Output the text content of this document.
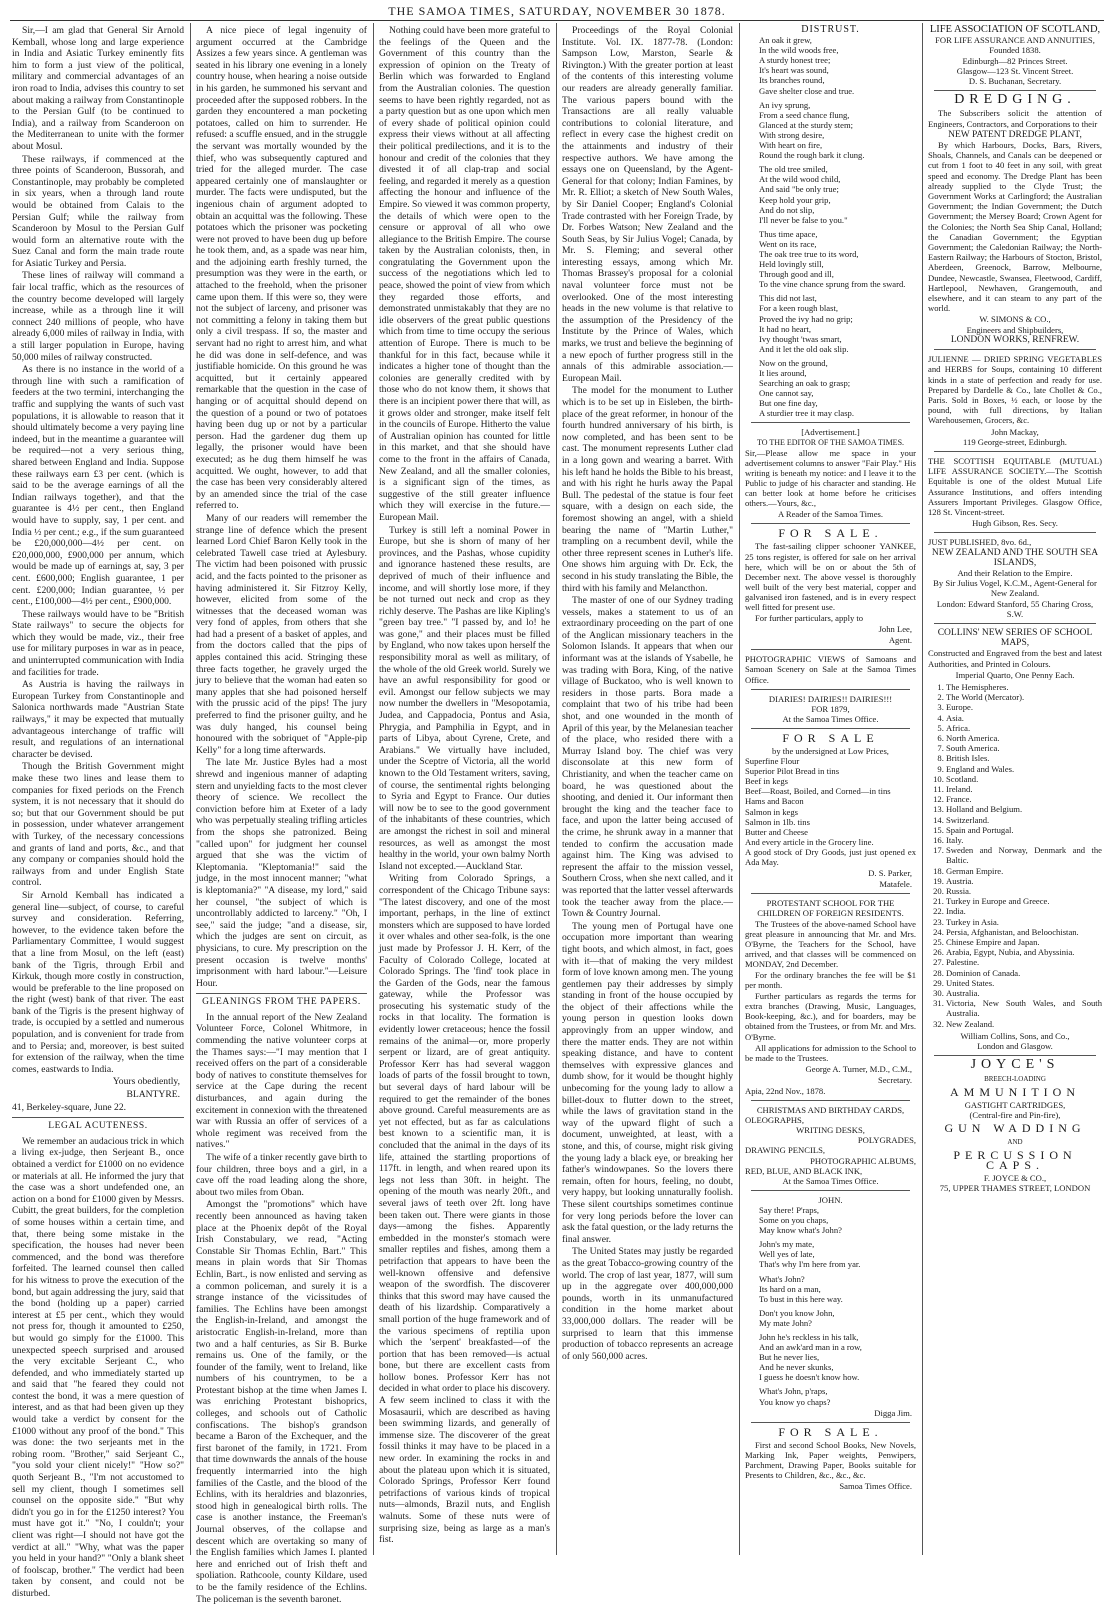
THE SAMOA TIMES, SATURDAY, NOVEMBER 30 1878.

Sir,—I am glad that General Sir Arnold Kemball, whose long and large experience in India and Asiatic Turkey eminently fits him to form a just view of the political, military and commercial advantages of an iron road to India, advises this country to set about making a railway from Constantinople to the Persian Gulf (to be continued to India), and a railway from Scanderoon on the Mediterranean to unite with the former about Mosul.

These railways, if commenced at the three points of Scanderoon, Bussorah, and Constantinople, may probably be completed in six years, when a through land route would be obtained from Calais to the Persian Gulf; while the railway from Scanderoon by Mosul to the Persian Gulf would form an alternative route with the Suez Canal and form the main trade route for Asiatic Turkey and Persia.

These lines of railway will command a fair local traffic, which as the resources of the country become developed will largely increase, while as a through line it will connect 240 millions of people, who have already 6,000 miles of railway in India, with a still larger population in Europe, having 50,000 miles of railway constructed.

As there is no instance in the world of a through line with such a ramification of feeders at the two termini, interchanging the traffic and supplying the wants of such vast populations, it is allowable to reason that it should ultimately become a very paying line indeed, but in the meantime a guarantee will be required—not a very serious thing, shared between England and India. Suppose these railways earn £3 per cent. (which is said to be the average earnings of all the Indian railways together), and that the guarantee is 4½ per cent., then England would have to supply, say, 1 per cent. and India ½ per cent.; e.g., if the sum guaranteed be £20,000,000—4½ per cent. on £20,000,000, £900,000 per annum, which would be made up of earnings at, say, 3 per cent. £600,000; English guarantee, 1 per cent. £200,000; Indian guarantee, ½ per cent., £100,000—4½ per cent., £900,000.

These railways would have to be "British State railways" to secure the objects for which they would be made, viz., their free use for military purposes in war as in peace, and uninterrupted communication with India and facilities for trade.

As Austria is having the railways in European Turkey from Constantinople and Salonica northwards made "Austrian State railways," it may be expected that mutually advantageous interchange of traffic will result, and regulations of an international character be devised.

Though the British Government might make these two lines and lease them to companies for fixed periods on the French system, it is not necessary that it should do so; but that our Government should be put in possession, under whatever arrangement with Turkey, of the necessary concessions and grants of land and ports, &c., and that any company or companies should hold the railways from and under English State control.

Sir Arnold Kemball has indicated a general line—subject, of course, to careful survey and consideration. Referring, however, to the evidence taken before the Parliamentary Committee, I would suggest that a line from Mosul, on the left (east) bank of the Tigris, through Erbil and Kirkuk, though more costly in construction, would be preferable to the line proposed on the right (west) bank of that river. The east bank of the Tigris is the present highway of trade, is occupied by a settled and numerous population, and is convenient for trade from and to Persia; and, moreover, is best suited for extension of the railway, when the time comes, eastwards to India.

Yours obediently,
BLANTYRE.
41, Berkeley-square, June 22.
LEGAL ACUTENESS.

We remember an audacious trick in which a living ex-judge, then Serjeant B., once obtained a verdict for £1000 on no evidence or materials at all. He informed the jury that the case was a short undefended one, an action on a bond for £1000 given by Messrs. Cubitt, the great builders, for the completion of some houses within a certain time, and that, there being some mistake in the specification, the houses had never been commenced, and the bond was therefore forfeited. The learned counsel then called for his witness to prove the execution of the bond, but again addressing the jury, said that the bond (holding up a paper) carried interest at £5 per cent., which they would not press for, though it amounted to £250, but would go simply for the £1000. This unexpected speech surprised and aroused the very excitable Serjeant C., who defended, and who immediately started up and said that "he feared they could not contest the bond, it was a mere question of interest, and as that had been given up they would take a verdict by consent for the £1000 without any proof of the bond." This was done: the two serjeants met in the robing room. "Brother," said Serjeant C., "you sold your client nicely!" "How so?" quoth Serjeant B., "I'm not accustomed to sell my client, though I sometimes sell counsel on the opposite side." "But why didn't you go in for the £1250 interest? You must have got it." "No, I couldn't; your client was right—I should not have got the verdict at all." "Why, what was the paper you held in your hand?" "Only a blank sheet of foolscap, brother." The verdict had been taken by consent, and could not be disturbed.

A nice piece of legal ingenuity of argument occurred at the Cambridge Assizes a few years since. A gentleman was seated in his library one evening in a lonely country house, when hearing a noise outside in his garden, he summoned his servant and proceeded after the supposed robbers. In the garden they encountered a man pocketing potatoes, called on him to surrender. He refused: a scuffle ensued, and in the struggle the servant was mortally wounded by the thief, who was subsequently captured and tried for the alleged murder. The case appeared certainly one of manslaughter or murder. The facts were undisputed, but the ingenious chain of argument adopted to obtain an acquittal was the following. These potatoes which the prisoner was pocketing were not proved to have been dug up before he took them, and, as a spade was near him, and the adjoining earth freshly turned, the presumption was they were in the earth, or attached to the freehold, when the prisoner came upon them. If this were so, they were not the subject of larceny, and prisoner was not committing a felony in taking them but only a civil trespass. If so, the master and servant had no right to arrest him, and what he did was done in self-defence, and was justifiable homicide. On this ground he was acquitted, but it certainly appeared remarkable that the question in the case of hanging or of acquittal should depend on the question of a pound or two of potatoes having been dug up or not by a particular person. Had the gardener dug them up legally, the prisoner would have been executed; as he dug them himself he was acquitted. We ought, however, to add that the case has been very considerably altered by an amended since the trial of the case referred to.

Many of our readers will remember the strange line of defence which the present learned Lord Chief Baron Kelly took in the celebrated Tawell case tried at Aylesbury. The victim had been poisoned with prussic acid, and the facts pointed to the prisoner as having administered it. Sir Fitzroy Kelly, however, elicited from some of the witnesses that the deceased woman was very fond of apples, from others that she had had a present of a basket of apples, and from the doctors called that the pips of apples contained this acid. Stringing these three facts together, he gravely urged the jury to believe that the woman had eaten so many apples that she had poisoned herself with the prussic acid of the pips! The jury preferred to find the prisoner guilty, and he was duly hanged, his counsel being honoured with the sobriquet of "Apple-pip Kelly" for a long time afterwards.

The late Mr. Justice Byles had a most shrewd and ingenious manner of adapting stern and unyielding facts to the most clever theory of science. We recollect the conviction before him at Exeter of a lady who was perpetually stealing trifling articles from the shops she patronized. Being "called upon" for judgment her counsel argued that she was the victim of Kleptomania. "Kleptomania!" said the judge, in the most innocent manner; "what is kleptomania?" "A disease, my lord," said her counsel, "the subject of which is uncontrollably addicted to larceny." "Oh, I see," said the judge; "and a disease, sir, which the judges are sent on circuit, as physicians, to cure. My prescription on the present occasion is twelve months' imprisonment with hard labour."—Leisure Hour.

GLEANINGS FROM THE PAPERS.

In the annual report of the New Zealand Volunteer Force, Colonel Whitmore, in commending the native volunteer corps at the Thames says:—"I may mention that I received offers on the part of a considerable body of natives to constitute themselves for service at the Cape during the recent disturbances, and again during the excitement in connexion with the threatened war with Russia an offer of services of a whole regiment was received from the natives."

The wife of a tinker recently gave birth to four children, three boys and a girl, in a cave off the road leading along the shore, about two miles from Oban.

Amongst the "promotions" which have recently been announced as having taken place at the Phoenix depôt of the Royal Irish Constabulary, we read, "Acting Constable Sir Thomas Echlin, Bart." This means in plain words that Sir Thomas Echlin, Bart., is now enlisted and serving as a common policeman, and surely it is a strange instance of the vicissitudes of families. The Echlins have been amongst the English-in-Ireland, and amongst the aristocratic English-in-Ireland, more than two and a half centuries, as Sir B. Burke remains us. One of the family, or the founder of the family, went to Ireland, like numbers of his countrymen, to be a Protestant bishop at the time when James I. was enriching Protestant bishoprics, colleges, and schools out of Catholic confiscations. The bishop's grandson became a Baron of the Exchequer, and the first baronet of the family, in 1721. From that time downwards the annals of the house frequently intermarried into the high families of the Castle, and the blood of the Echlins, with its heraldries and blazonries, stood high in genealogical birth rolls. The case is another instance, the Freeman's Journal observes, of the collapse and descent which are overtaking so many of the English families which James I. planted here and enriched out of Irish theft and spoliation. Rathcoole, county Kildare, used to be the family residence of the Echlins. The policeman is the seventh baronet.

Nothing could have been more grateful to the feelings of the Queen and the Government of this country than the expression of opinion on the Treaty of Berlin which was forwarded to England from the Australian colonies. The question seems to have been rightly regarded, not as a party question but as one upon which men of every shade of political opinion could express their views without at all affecting their political predilections, and it is to the honour and credit of the colonies that they divested it of all clap-trap and social feeling, and regarded it merely as a question affecting the honour and influence of the Empire. So viewed it was common property, the details of which were open to the censure or approval of all who owe allegiance to the British Empire. The course taken by the Australian colonists, then, in congratulating the Government upon the success of the negotiations which led to peace, showed the point of view from which they regarded those efforts, and demonstrated unmistakably that they are no idle observers of the great public questions which from time to time occupy the serious attention of Europe. There is much to be thankful for in this fact, because while it indicates a higher tone of thought than the colonies are generally credited with by those who do not know them, it shows that there is an incipient power there that will, as it grows older and stronger, make itself felt in the councils of Europe. Hitherto the value of Australian opinion has counted for little in this market, and that she should have come to the front in the affairs of Canada, New Zealand, and all the smaller colonies, is a significant sign of the times, as suggestive of the still greater influence which they will exercise in the future.—European Mail.

Turkey is still left a nominal Power in Europe, but she is shorn of many of her provinces, and the Pashas, whose cupidity and ignorance hastened these results, are deprived of much of their influence and income, and will shortly lose more, if they be not turned out neck and crop as they richly deserve. The Pashas are like Kipling's "green bay tree." "I passed by, and lo! he was gone," and their places must be filled by England, who now takes upon herself the responsibility moral as well as military, of the whole of the old Greek world. Surely we have an awful responsibility for good or evil. Amongst our fellow subjects we may now number the dwellers in "Mesopotamia, Judea, and Cappadocia, Pontus and Asia, Phrygia, and Pamphilia in Egypt, and in parts of Libya, about Cyrene, Crete, and Arabians." We virtually have included, under the Sceptre of Victoria, all the world known to the Old Testament writers, saving, of course, the sentimental rights belonging to Syria and Egypt to France. Our duties will now be to see to the good government of the inhabitants of these countries, which are amongst the richest in soil and mineral resources, as well as amongst the most healthy in the world, your own balmy North Island not excepted.—Auckland Star.

Writing from Colorado Springs, a correspondent of the Chicago Tribune says: "The latest discovery, and one of the most important, perhaps, in the line of extinct monsters which are supposed to have lorded it over whales and other sea-folk, is the one just made by Professor J. H. Kerr, of the Faculty of Colorado College, located at Colorado Springs. The 'find' took place in the Garden of the Gods, near the famous gateway, while the Professor was prosecuting his systematic study of the rocks in that locality. The formation is evidently lower cretaceous; hence the fossil remains of the animal—or, more properly serpent or lizard, are of great antiquity. Professor Kerr has had several waggon loads of parts of the fossil brought to town, but several days of hard labour will be required to get the remainder of the bones above ground. Careful measurements are as yet not effected, but as far as calculations best known to a scientific man, it is concluded that the animal in the days of its life, attained the startling proportions of 117ft. in length, and when reared upon its legs not less than 30ft. in height. The opening of the mouth was nearly 20ft., and several jaws of teeth over 2ft. long have been taken out. There were giants in those days—among the fishes. Apparently embedded in the monster's stomach were smaller reptiles and fishes, among them a petrifaction that appears to have been the well-known offensive and defensive weapon of the swordfish. The discoverer thinks that this sword may have caused the death of his lizardship. Comparatively a small portion of the huge framework and of the various specimens of reptilia upon which the 'serpent' breakfasted—of the portion that has been removed—is actual bone, but there are excellent casts from hollow bones. Professor Kerr has not decided in what order to place his discovery. A few seem inclined to class it with the Mosasaurii, which are described as having been swimming lizards, and generally of immense size. The discoverer of the great fossil thinks it may have to be placed in a new order. In examining the rocks in and about the plateau upon which it is situated, Colorado Springs, Professor Kerr found petrifactions of various kinds of tropical nuts—almonds, Brazil nuts, and English walnuts. Some of these nuts were of surprising size, being as large as a man's fist.

Proceedings of the Royal Colonial Institute. Vol. IX. 1877-78. (London: Sampson Low, Marston, Searle & Rivington.) With the greater portion at least of the contents of this interesting volume our readers are already generally familiar. The various papers bound with the Transactions are all really valuable contributions to colonial literature, and reflect in every case the highest credit on the attainments and industry of their respective authors. We have among the essays one on Queensland, by the Agent-General for that colony; Indian Famines, by Mr. R. Elliot; a sketch of New South Wales, by Sir Daniel Cooper; England's Colonial Trade contrasted with her Foreign Trade, by Dr. Forbes Watson; New Zealand and the South Seas, by Sir Julius Vogel; Canada, by Mr. S. Fleming; and several other interesting essays, among which Mr. Thomas Brassey's proposal for a colonial naval volunteer force must not be overlooked. One of the most interesting heads in the new volume is that relative to the assumption of the Presidency of the Institute by the Prince of Wales, which marks, we trust and believe the beginning of a new epoch of further progress still in the annals of this admirable association.—European Mail.

The model for the monument to Luther which is to be set up in Eisleben, the birth-place of the great reformer, in honour of the fourth hundred anniversary of his birth, is now completed, and has been sent to be cast. The monument represents Luther clad in a long gown and wearing a barret. With his left hand he holds the Bible to his breast, and with his right he hurls away the Papal Bull. The pedestal of the statue is four feet square, with a design on each side, the foremost showing an angel, with a shield bearing the name of "Martin Luther," trampling on a recumbent devil, while the other three represent scenes in Luther's life. One shows him arguing with Dr. Eck, the second in his study translating the Bible, the third with his family and Melancthon.

The master of one of our Sydney trading vessels, makes a statement to us of an extraordinary proceeding on the part of one of the Anglican missionary teachers in the Solomon Islands. It appears that when our informant was at the islands of Ysabelle, he was trading with Bora, King, of the native village of Buckatoo, who is well known to residers in those parts. Bora made a complaint that two of his tribe had been shot, and one wounded in the month of April of this year, by the Melanesian teacher of the place, who resided there with a Murray Island boy. The chief was very disconsolate at this new form of Christianity, and when the teacher came on board, he was questioned about the shooting, and denied it. Our informant then brought the king and the teacher face to face, and upon the latter being accused of the crime, he shrunk away in a manner that tended to confirm the accusation made against him. The King was advised to represent the affair to the mission vessel, Southern Cross, when she next called, and it was reported that the latter vessel afterwards took the teacher away from the place.—Town & Country Journal.

The young men of Portugal have one occupation more important than wearing tight boots, and which almost, in fact, goes with it—that of making the very mildest form of love known among men. The young gentlemen pay their addresses by simply standing in front of the house occupied by the object of their affections while the young person in question looks down approvingly from an upper window, and there the matter ends. They are not within speaking distance, and have to content themselves with expressive glances and dumb show, for it would be thought highly unbecoming for the young lady to allow a billet-doux to flutter down to the street, while the laws of gravitation stand in the way of the upward flight of such a document, unweighted, at least, with a stone, and this, of course, might risk giving the young lady a black eye, or breaking her father's windowpanes. So the lovers there remain, often for hours, feeling, no doubt, very happy, but looking unnaturally foolish. These silent courtships sometimes continue for very long periods before the lover can ask the fatal question, or the lady returns the final answer.

The United States may justly be regarded as the great Tobacco-growing country of the world. The crop of last year, 1877, will sum up in the aggregate over 400,000,000 pounds, worth in its unmanufactured condition in the home market about 33,000,000 dollars. The reader will be surprised to learn that this immense production of tobacco represents an acreage of only 560,000 acres.

DISTRUST.
An oak it grew,
In the wild woods free,
A sturdy honest tree;
It's heart was sound,
Its branches round,
Gave shelter close and true.

An ivy sprung,
From a seed chance flung,
Glanced at the sturdy stem;
With strong desire,
With heart on fire,
Round the rough bark it clung.

The old tree smiled,
At the wild wood child,
And said "be only true;
Keep hold your grip,
And do not slip,
I'll never be false to you."

Thus time apace,
Went on its race,
The oak tree true to its word,
Held lovingly still,
Through good and ill,
To the vine chance sprung from the sward.

This did not last,
For a keen rough blast,
Proved the ivy had no grip;
It had no heart,
Ivy thought 'twas smart,
And it let the old oak slip.

Now on the ground,
It lies around,
Searching an oak to grasp;
One cannot say,
But one fine day,
A sturdier tree it may clasp.
[Advertisement.]
TO THE EDITOR OF THE SAMOA TIMES.

Sir,—Please allow me space in your advertisement columns to answer "Fair Play." His writing is beneath my notice: and I leave it to the Public to judge of his character and standing. He can better look at home before he criticises others.—Yours, &c.,

A Reader of the Samoa Times.
FOR SALE.

The fast-sailing clipper schooner YANKEE, 25 tons register, is offered for sale on her arrival here, which will be on or about the 5th of December next. The above vessel is thoroughly well built of the very best material, copper and galvanised iron fastened, and is in every respect well fitted for present use.

For further particulars, apply to

John Lee,
Agent.

PHOTOGRAPHIC VIEWS of Samoans and Samoan Scenery on Sale at the Samoa Times Office.

DIARIES! DAIRIES!! DAIRIES!!!
FOR 1879,
At the Samoa Times Office.
FOR SALE
by the undersigned at Low Prices,
Superfine Flour
Superior Pilot Bread in tins
Beef in kegs
Beef—Roast, Boiled, and Corned—in tins
Hams and Bacon
Salmon in kegs
Salmon in 1lb. tins
Butter and Cheese
And every article in the Grocery line.
A good stock of Dry Goods, just just opened ex Ada May.
D. S. Parker,
Matafele.
PROTESTANT SCHOOL FOR THE CHILDREN OF FOREIGN RESIDENTS.

The Trustees of the above-named School have great pleasure in announcing that Mr. and Mrs. O'Byrne, the Teachers for the School, have arrived, and that classes will be commenced on MONDAY, 2nd December.

For the ordinary branches the fee will be $1 per month.

Further particulars as regards the terms for extra branches (Drawing, Music, Languages, Book-keeping, &c.), and for boarders, may be obtained from the Trustees, or from Mr. and Mrs. O'Byrne.

All applications for admission to the School to be made to the Trustees.

George A. Turner, M.D., C.M.,
Secretary.
Apia, 22nd Nov., 1878.
CHRISTMAS AND BIRTHDAY CARDS,
OLEOGRAPHS,
WRITING DESKS,
POLYGRADES,
DRAWING PENCILS,
PHOTOGRAPHIC ALBUMS,
RED, BLUE, AND BLACK INK,
At the Samoa Times Office.
JOHN.
Say there! P'raps,
Some on you chaps,
May know what's John?

John's my mate,
Well yes of late,
That's why I'm here from yar.

What's John?
Its hard on a man,
To bust in this here way.

Don't you know John,
My mate John?

John he's reckless in his talk,
And an awk'ard man in a row,
But he never lies,
And he never skunks,
I guess he doesn't know how.

What's John, p'raps,
You know yo chaps?
Digga Jim.
FOR SALE.

First and second School Books, New Novels, Marking Ink, Paper weights, Penwipers, Parchment, Drawing Paper, Books suitable for Presents to Children, &c., &c., &c.

Samoa Times Office.
LIFE ASSOCIATION OF SCOTLAND,
FOR LIFE ASSURANCE AND ANNUITIES,
Founded 1838.
Edinburgh—82 Princes Street.
Glasgow—123 St. Vincent Street.
D. S. Buchanan, Secretary.
DREDGING.

The Subscribers solicit the attention of Engineers, Contractors, and Corporations to their

NEW PATENT DREDGE PLANT,

By which Harbours, Docks, Bars, Rivers, Shoals, Channels, and Canals can be deepened or cut from 1 foot to 40 feet in any soil, with great speed and economy. The Dredge Plant has been already supplied to the Clyde Trust; the Government Works at Carlingford; the Australian Government; the Indian Government; the Dutch Government; the Mersey Board; Crown Agent for the Colonies; the North Sea Ship Canal, Holland; the Canadian Government; the Egyptian Government; the Caledonian Railway; the North-Eastern Railway; the Harbours of Stocton, Bristol, Aberdeen, Greenock, Barrow, Melbourne, Dundee, Newcastle, Swansea, Fleetwood, Cardiff, Hartlepool, Newhaven, Grangemouth, and elsewhere, and it can steam to any part of the world.

W. SIMONS & CO.,
Engineers and Shipbuilders,
LONDON WORKS, RENFREW.

JULIENNE — DRIED SPRING VEGETABLES and HERBS for Soups, containing 10 different kinds in a state of perfection and ready for use. Prepared by Dardelle & Co., late Chollet & Co., Paris. Sold in Boxes, ½ each, or loose by the pound, with full directions, by Italian Warehousemen, Grocers, &c.

John Mackay,
119 George-street, Edinburgh.

THE SCOTTISH EQUITABLE (MUTUAL) LIFE ASSURANCE SOCIETY.—The Scottish Equitable is one of the oldest Mutual Life Assurance Institutions, and offers intending Assurers Important Privileges. Glasgow Office, 128 St. Vincent-street.

Hugh Gibson, Res. Secy.
JUST PUBLISHED, 8vo. 6d.,
NEW ZEALAND AND THE SOUTH SEA ISLANDS,
And their Relation to the Empire.
By Sir Julius Vogel, K.C.M., Agent-General for New Zealand.
London: Edward Stanford, 55 Charing Cross, S.W.
COLLINS' NEW SERIES OF SCHOOL MAPS,

Constructed and Engraved from the best and latest Authorities, and Printed in Colours.

Imperial Quarto, One Penny Each.
1. The Hemispheres.
2. The World (Mercator).
3. Europe.
4. Asia.
5. Africa.
6. North America.
7. South America.
8. British Isles.
9. England and Wales.
10. Scotland.
11. Ireland.
12. France.
13. Holland and Belgium.
14. Switzerland.
15. Spain and Portugal.
16. Italy.
17. Sweden and Norway, Denmark and the Baltic.
18. German Empire.
19. Austria.
20. Russia.
21. Turkey in Europe and Greece.
22. India.
23. Turkey in Asia.
24. Persia, Afghanistan, and Beloochistan.
25. Chinese Empire and Japan.
26. Arabia, Egypt, Nubia, and Abyssinia.
27. Palestine.
28. Dominion of Canada.
29. United States.
30. Australia.
31. Victoria, New South Wales, and South Australia.
32. New Zealand.
William Collins, Sons, and Co.,
London and Glasgow.
JOYCE'S
BREECH-LOADING
AMMUNITION
GASTIGHT CARTRIDGES,
(Central-fire and Pin-fire),
GUN WADDING
AND
PERCUSSION CAPS.
F. JOYCE & CO.,
75, UPPER THAMES STREET, LONDON
